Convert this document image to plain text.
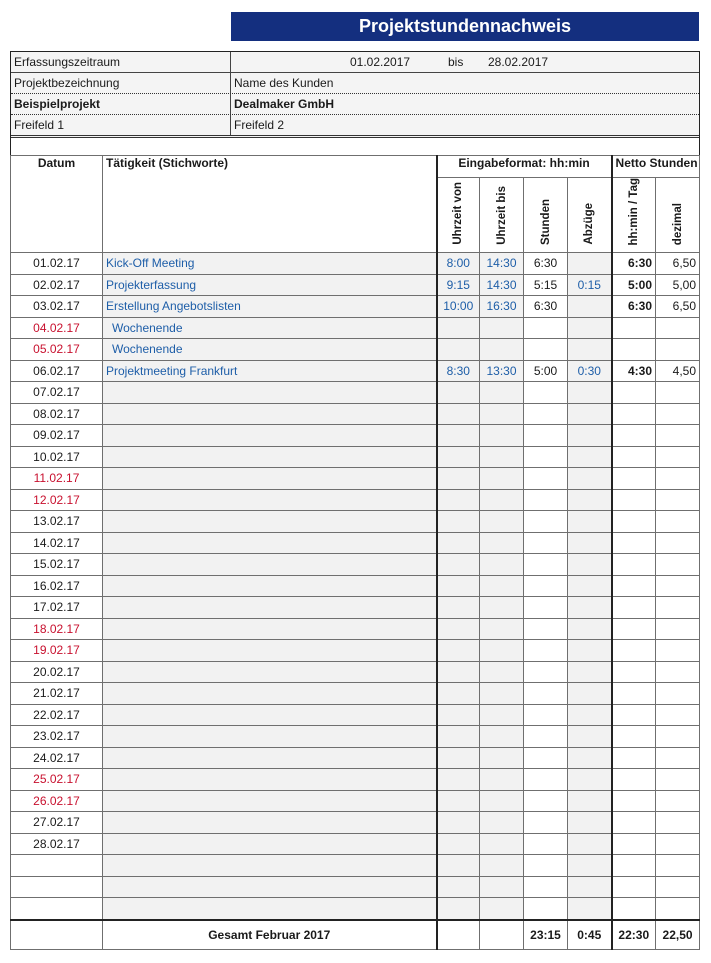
Projektstundennachweis
Erfassungszeitraum	01.02.2017	bis 28.02.2017
Projektbezeichnung	Name des Kunden
Beispielprojekt	Dealmaker GmbH
Freifeld 1	Freifeld 2
Datum	Tätigkeit (Stichworte)	Eingabeformat: hh:min				Netto Stunden	
		Uhrzeit von	Uhrzeit bis	Stunden	Abzüge	hh:min / Tag	dezimal
01.02.17	Kick-Off Meeting	8:00	14:30	6:30		6:30	6,50
02.02.17	Projekterfassung	9:15	14:30	5:15	0:15	5:00	5,00
03.02.17	Erstellung Angebotslisten	10:00	16:30	6:30		6:30	6,50
04.02.17	Wochenende						
05.02.17	Wochenende						
06.02.17	Projektmeeting Frankfurt	8:30	13:30	5:00	0:30	4:30	4,50
07.02.17							
08.02.17							
09.02.17							
10.02.17							
11.02.17							
12.02.17							
13.02.17							
14.02.17							
15.02.17							
16.02.17							
17.02.17							
18.02.17							
19.02.17							
20.02.17							
21.02.17							
22.02.17							
23.02.17							
24.02.17							
25.02.17							
26.02.17							
27.02.17							
28.02.17							

	Gesamt Februar 2017			23:15	0:45	22:30	22,50
